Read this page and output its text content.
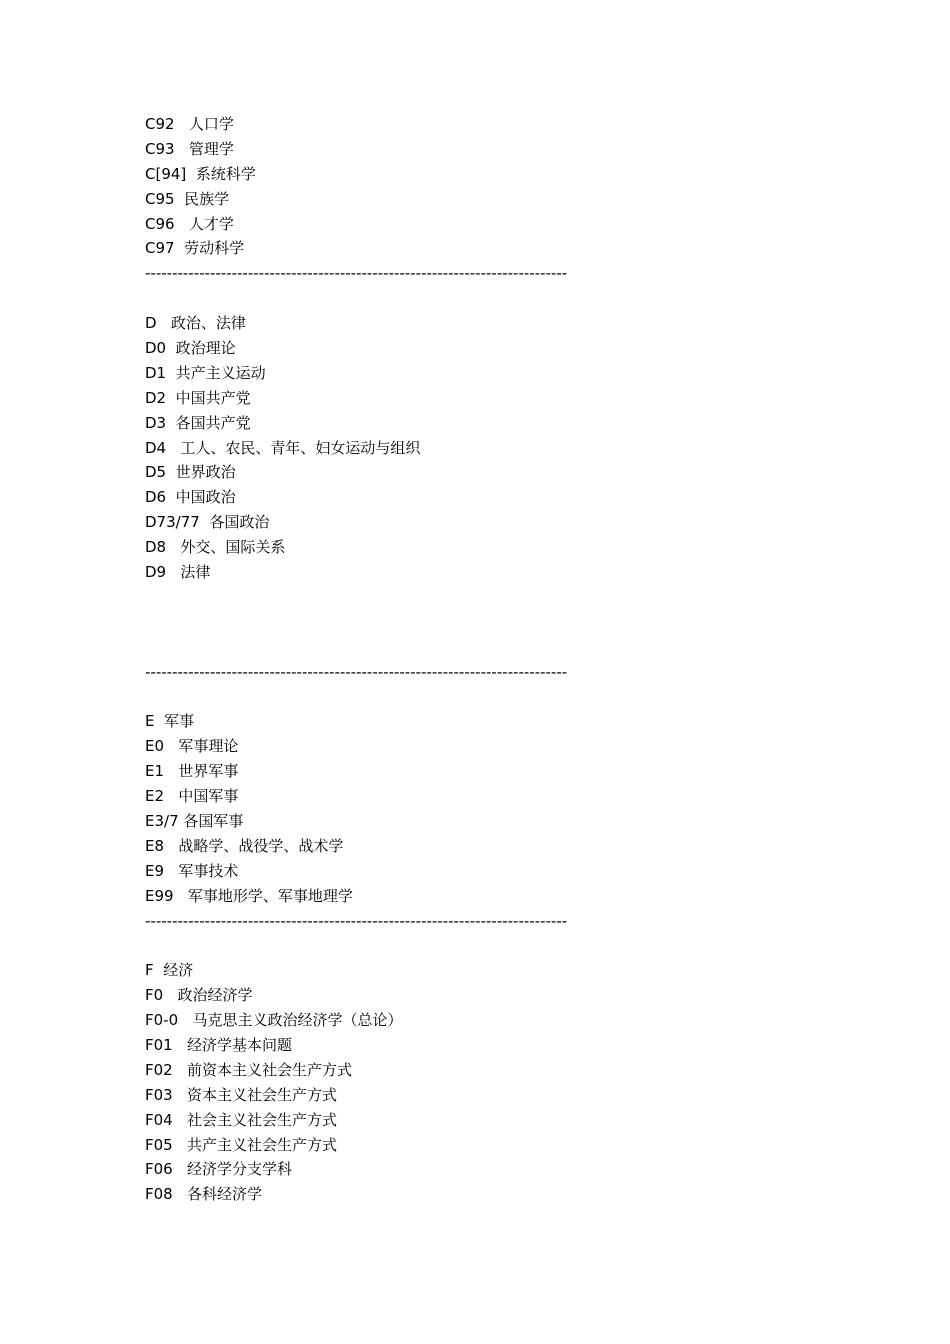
C92 人口学
C93 管理学
C[94] 系统科学
C95 民族学
C96 人才学
C97 劳动科学
------------------------------------------------------------------------------
D 政治、法律
D0 政治理论
D1 共产主义运动
D2 中国共产党
D3 各国共产党
D4 工人、农民、青年、妇女运动与组织
D5 世界政治
D6 中国政治
D73/77 各国政治
D8 外交、国际关系
D9 法律
------------------------------------------------------------------------------
E 军事
E0 军事理论
E1 世界军事
E2 中国军事
E3/7 各国军事
E8 战略学、战役学、战术学
E9 军事技术
E99 军事地形学、军事地理学
------------------------------------------------------------------------------
F 经济
F0 政治经济学
F0-0 马克思主义政治经济学（总论）
F01 经济学基本问题
F02 前资本主义社会生产方式
F03 资本主义社会生产方式
F04 社会主义社会生产方式
F05 共产主义社会生产方式
F06 经济学分支学科
F08 各科经济学
